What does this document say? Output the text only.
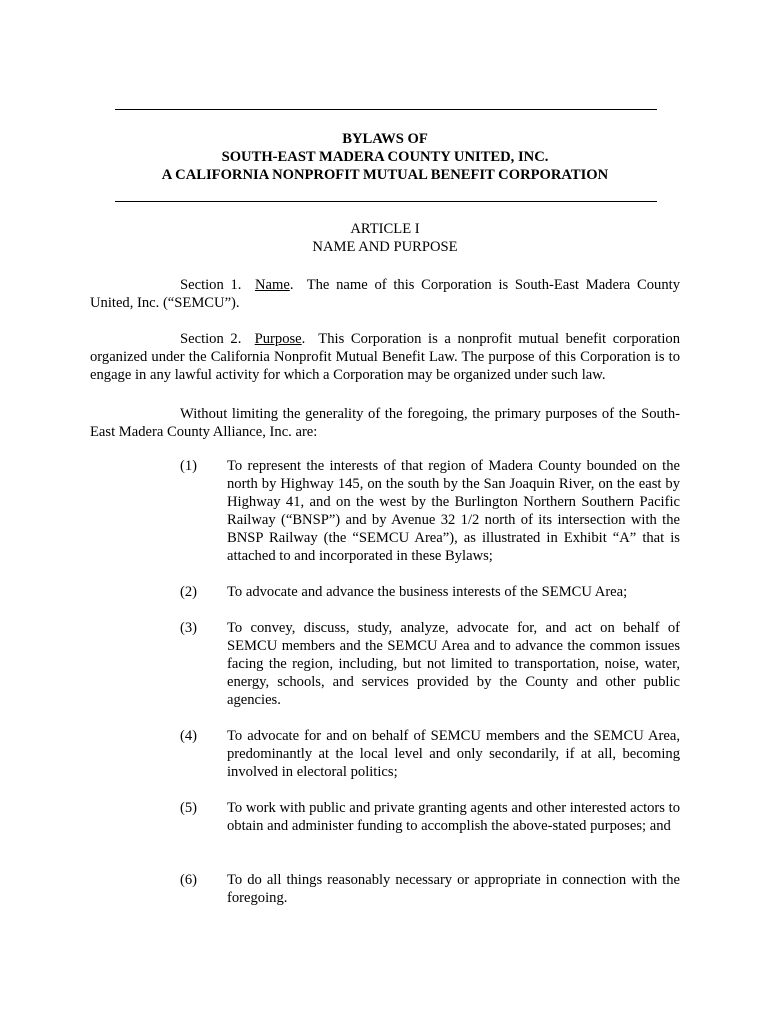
BYLAWS OF
SOUTH-EAST MADERA COUNTY UNITED, INC.
A CALIFORNIA NONPROFIT MUTUAL BENEFIT CORPORATION
ARTICLE I
NAME AND PURPOSE
Section 1. Name.  The name of this Corporation is South-East Madera County United, Inc. (“SEMCU”).
Section 2. Purpose.  This Corporation is a nonprofit mutual benefit corporation organized under the California Nonprofit Mutual Benefit Law. The purpose of this Corporation is to engage in any lawful activity for which a Corporation may be organized under such law.
Without limiting the generality of the foregoing, the primary purposes of the South-East Madera County Alliance, Inc. are:
(1) To represent the interests of that region of Madera County bounded on the north by Highway 145, on the south by the San Joaquin River, on the east by Highway 41, and on the west by the Burlington Northern Southern Pacific Railway (“BNSP”) and by Avenue 32 1/2 north of its intersection with the BNSP Railway (the “SEMCU Area”), as illustrated in Exhibit “A” that is attached to and incorporated in these Bylaws;
(2) To advocate and advance the business interests of the SEMCU Area;
(3) To convey, discuss, study, analyze, advocate for, and act on behalf of SEMCU members and the SEMCU Area and to advance the common issues facing the region, including, but not limited to transportation, noise, water, energy, schools, and services provided by the County and other public agencies.
(4) To advocate for and on behalf of SEMCU members and the SEMCU Area, predominantly at the local level and only secondarily, if at all, becoming involved in electoral politics;
(5) To work with public and private granting agents and other interested actors to obtain and administer funding to accomplish the above-stated purposes; and
(6) To do all things reasonably necessary or appropriate in connection with the foregoing.
